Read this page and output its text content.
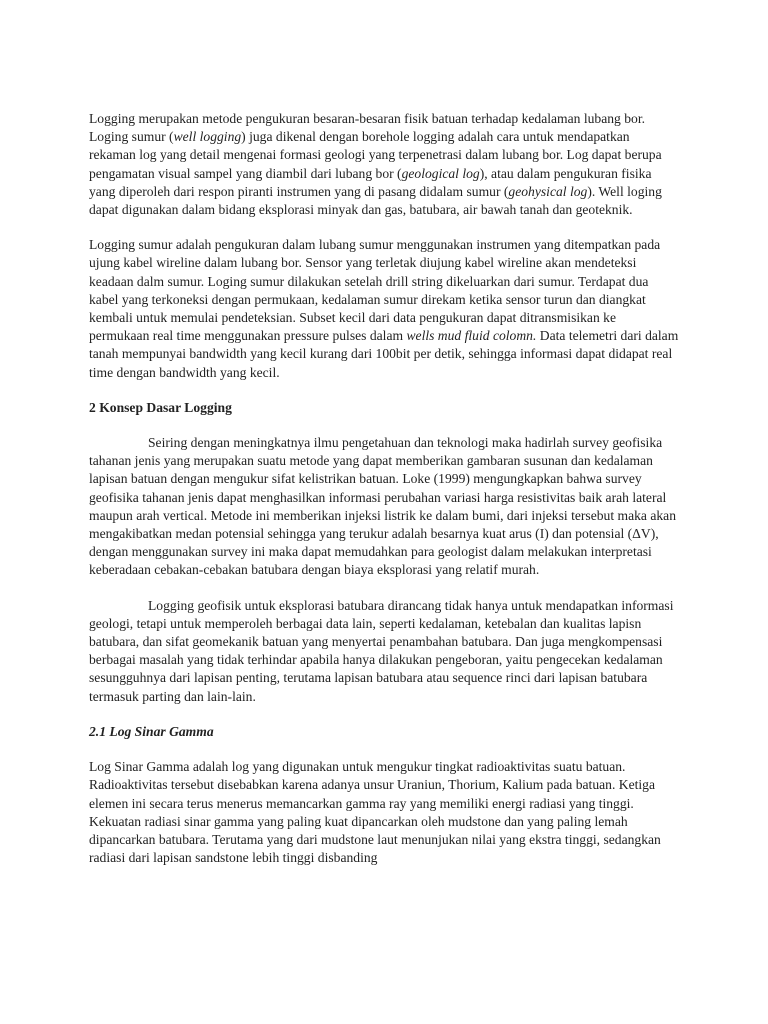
Logging merupakan metode pengukuran besaran-besaran fisik batuan terhadap kedalaman lubang bor. Loging sumur (well logging) juga dikenal dengan borehole logging adalah cara untuk mendapatkan rekaman log yang detail mengenai formasi geologi yang terpenetrasi dalam lubang bor. Log dapat berupa pengamatan visual sampel yang diambil dari lubang bor (geological log), atau dalam pengukuran fisika yang diperoleh dari respon piranti instrumen yang di pasang didalam sumur (geohysical log). Well loging dapat digunakan dalam bidang eksplorasi minyak dan gas, batubara, air bawah tanah dan geoteknik.

Logging sumur adalah pengukuran dalam lubang sumur menggunakan instrumen yang ditempatkan pada ujung kabel wireline dalam lubang bor. Sensor yang terletak diujung kabel wireline akan mendeteksi keadaan dalm sumur. Loging sumur dilakukan setelah drill string dikeluarkan dari sumur. Terdapat dua kabel yang terkoneksi dengan permukaan, kedalaman sumur direkam ketika sensor turun dan diangkat kembali untuk memulai pendeteksian. Subset kecil dari data pengukuran dapat ditransmisikan ke permukaan real time menggunakan pressure pulses dalam wells mud fluid colomn. Data telemetri dari dalam tanah mempunyai bandwidth yang kecil kurang dari 100bit per detik, sehingga informasi dapat didapat real time dengan bandwidth yang kecil.

2 Konsep Dasar Logging

Seiring dengan meningkatnya ilmu pengetahuan dan teknologi maka hadirlah survey geofisika tahanan jenis yang merupakan suatu metode yang dapat memberikan gambaran susunan dan kedalaman lapisan batuan dengan mengukur sifat kelistrikan batuan. Loke (1999) mengungkapkan bahwa survey geofisika tahanan jenis dapat menghasilkan informasi perubahan variasi harga resistivitas baik arah lateral maupun arah vertical. Metode ini memberikan injeksi listrik ke dalam bumi, dari injeksi tersebut maka akan mengakibatkan medan potensial sehingga yang terukur adalah besarnya kuat arus (I) dan potensial (ΔV), dengan menggunakan survey ini maka dapat memudahkan para geologist dalam melakukan interpretasi keberadaan cebakan-cebakan batubara dengan biaya eksplorasi yang relatif murah.

Logging geofisik untuk eksplorasi batubara dirancang tidak hanya untuk mendapatkan informasi geologi, tetapi untuk memperoleh berbagai data lain, seperti kedalaman, ketebalan dan kualitas lapisn batubara, dan sifat geomekanik batuan yang menyertai penambahan batubara. Dan juga mengkompensasi berbagai masalah yang tidak terhindar apabila hanya dilakukan pengeboran, yaitu pengecekan kedalaman sesungguhnya dari lapisan penting, terutama lapisan batubara atau sequence rinci dari lapisan batubara termasuk parting dan lain-lain.

2.1 Log Sinar Gamma

Log Sinar Gamma adalah log yang digunakan untuk mengukur tingkat radioaktivitas suatu batuan. Radioaktivitas tersebut disebabkan karena adanya unsur Uraniun, Thorium, Kalium pada batuan. Ketiga elemen ini secara terus menerus memancarkan gamma ray yang memiliki energi radiasi yang tinggi. Kekuatan radiasi sinar gamma yang paling kuat dipancarkan oleh mudstone dan yang paling lemah dipancarkan batubara. Terutama yang dari mudstone laut menunjukan nilai yang ekstra tinggi, sedangkan radiasi dari lapisan sandstone lebih tinggi disbanding
